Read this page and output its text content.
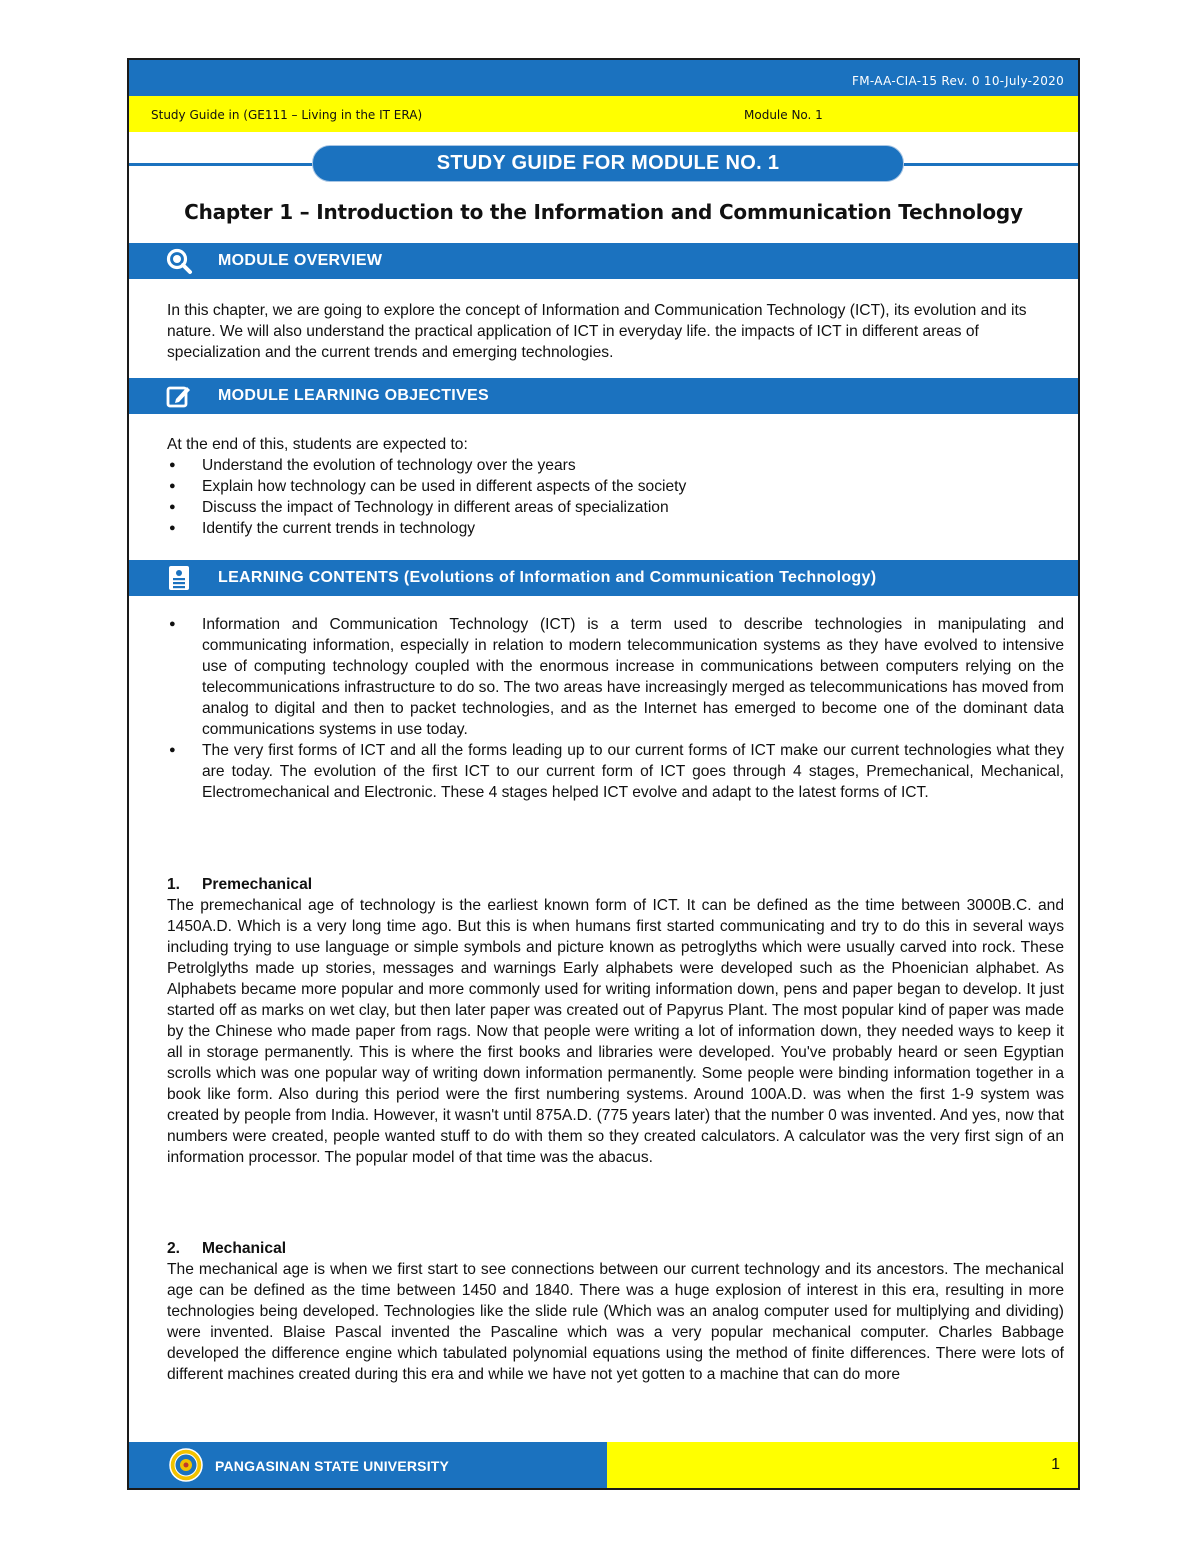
FM-AA-CIA-15 Rev. 0 10-July-2020
Study Guide in (GE111 – Living in the IT ERA)	Module No. 1
STUDY GUIDE FOR MODULE NO. 1
Chapter 1 – Introduction to the Information and Communication Technology
MODULE OVERVIEW

In this chapter, we are going to explore the concept of Information and Communication Technology (ICT), its evolution and its nature. We will also understand the practical application of ICT in everyday life. the impacts of ICT in different areas of specialization and the current trends and emerging technologies.

MODULE LEARNING OBJECTIVES

At the end of this, students are expected to:

● Understand the evolution of technology over the years
● Explain how technology can be used in different aspects of the society
● Discuss the impact of Technology in different areas of specialization
● Identify the current trends in technology
LEARNING CONTENTS (Evolutions of Information and Communication Technology)
● Information and Communication Technology (ICT) is a term used to describe technologies in manipulating and communicating information, especially in relation to modern telecommunication systems as they have evolved to intensive use of computing technology coupled with the enormous increase in communications between computers relying on the telecommunications infrastructure to do so. The two areas have increasingly merged as telecommunications has moved from analog to digital and then to packet technologies, and as the Internet has emerged to become one of the dominant data communications systems in use today.
● The very first forms of ICT and all the forms leading up to our current forms of ICT make our current technologies what they are today. The evolution of the first ICT to our current form of ICT goes through 4 stages, Premechanical, Mechanical, Electromechanical and Electronic. These 4 stages helped ICT evolve and adapt to the latest forms of ICT.

1. Premechanical

The premechanical age of technology is the earliest known form of ICT. It can be defined as the time between 3000B.C. and 1450A.D. Which is a very long time ago. But this is when humans first started communicating and try to do this in several ways including trying to use language or simple symbols and picture known as petroglyths which were usually carved into rock. These Petrolglyths made up stories, messages and warnings Early alphabets were developed such as the Phoenician alphabet. As Alphabets became more popular and more commonly used for writing information down, pens and paper began to develop. It just started off as marks on wet clay, but then later paper was created out of Papyrus Plant. The most popular kind of paper was made by the Chinese who made paper from rags. Now that people were writing a lot of information down, they needed ways to keep it all in storage permanently. This is where the first books and libraries were developed. You've probably heard or seen Egyptian scrolls which was one popular way of writing down information permanently. Some people were binding information together in a book like form. Also during this period were the first numbering systems. Around 100A.D. was when the first 1-9 system was created by people from India. However, it wasn't until 875A.D. (775 years later) that the number 0 was invented. And yes, now that numbers were created, people wanted stuff to do with them so they created calculators. A calculator was the very first sign of an information processor. The popular model of that time was the abacus.

2. Mechanical

The mechanical age is when we first start to see connections between our current technology and its ancestors. The mechanical age can be defined as the time between 1450 and 1840. There was a huge explosion of interest in this era, resulting in more technologies being developed. Technologies like the slide rule (Which was an analog computer used for multiplying and dividing) were invented. Blaise Pascal invented the Pascaline which was a very popular mechanical computer. Charles Babbage developed the difference engine which tabulated polynomial equations using the method of finite differences. There were lots of different machines created during this era and while we have not yet gotten to a machine that can do more

PANGASINAN STATE UNIVERSITY	1
